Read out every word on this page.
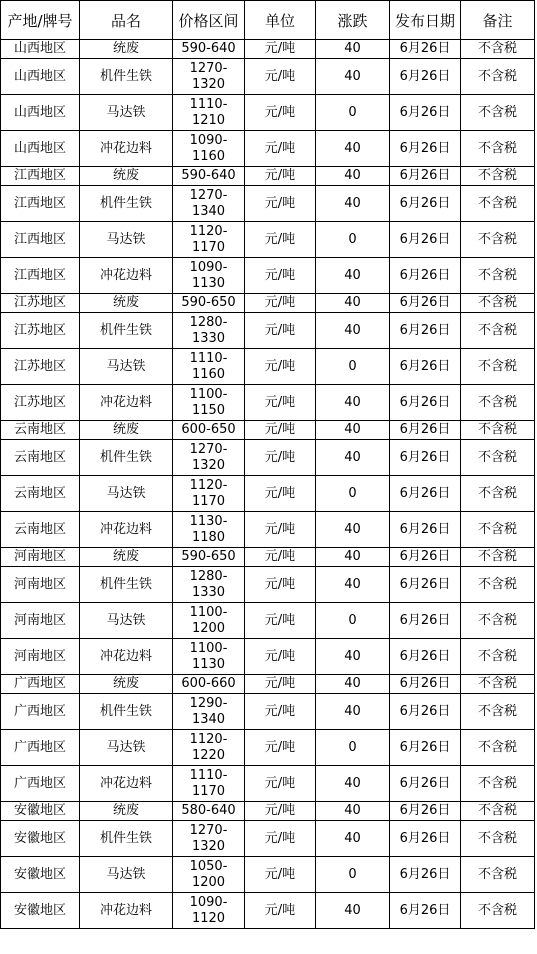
产地/牌号	品名	价格区间	单位	涨跌	发布日期	备注
山西地区	统废	590-640	元/吨	40	6月26日	不含税
山西地区	机件生铁	1270-
1320	元/吨	40	6月26日	不含税
山西地区	马达铁	1110-
1210	元/吨	0	6月26日	不含税
山西地区	冲花边料	1090-
1160	元/吨	40	6月26日	不含税
江西地区	统废	590-640	元/吨	40	6月26日	不含税
江西地区	机件生铁	1270-
1340	元/吨	40	6月26日	不含税
江西地区	马达铁	1120-
1170	元/吨	0	6月26日	不含税
江西地区	冲花边料	1090-
1130	元/吨	40	6月26日	不含税
江苏地区	统废	590-650	元/吨	40	6月26日	不含税
江苏地区	机件生铁	1280-
1330	元/吨	40	6月26日	不含税
江苏地区	马达铁	1110-
1160	元/吨	0	6月26日	不含税
江苏地区	冲花边料	1100-
1150	元/吨	40	6月26日	不含税
云南地区	统废	600-650	元/吨	40	6月26日	不含税
云南地区	机件生铁	1270-
1320	元/吨	40	6月26日	不含税
云南地区	马达铁	1120-
1170	元/吨	0	6月26日	不含税
云南地区	冲花边料	1130-
1180	元/吨	40	6月26日	不含税
河南地区	统废	590-650	元/吨	40	6月26日	不含税
河南地区	机件生铁	1280-
1330	元/吨	40	6月26日	不含税
河南地区	马达铁	1100-
1200	元/吨	0	6月26日	不含税
河南地区	冲花边料	1100-
1130	元/吨	40	6月26日	不含税
广西地区	统废	600-660	元/吨	40	6月26日	不含税
广西地区	机件生铁	1290-
1340	元/吨	40	6月26日	不含税
广西地区	马达铁	1120-
1220	元/吨	0	6月26日	不含税
广西地区	冲花边料	1110-
1170	元/吨	40	6月26日	不含税
安徽地区	统废	580-640	元/吨	40	6月26日	不含税
安徽地区	机件生铁	1270-
1320	元/吨	40	6月26日	不含税
安徽地区	马达铁	1050-
1200	元/吨	0	6月26日	不含税
安徽地区	冲花边料	1090-
1120	元/吨	40	6月26日	不含税
